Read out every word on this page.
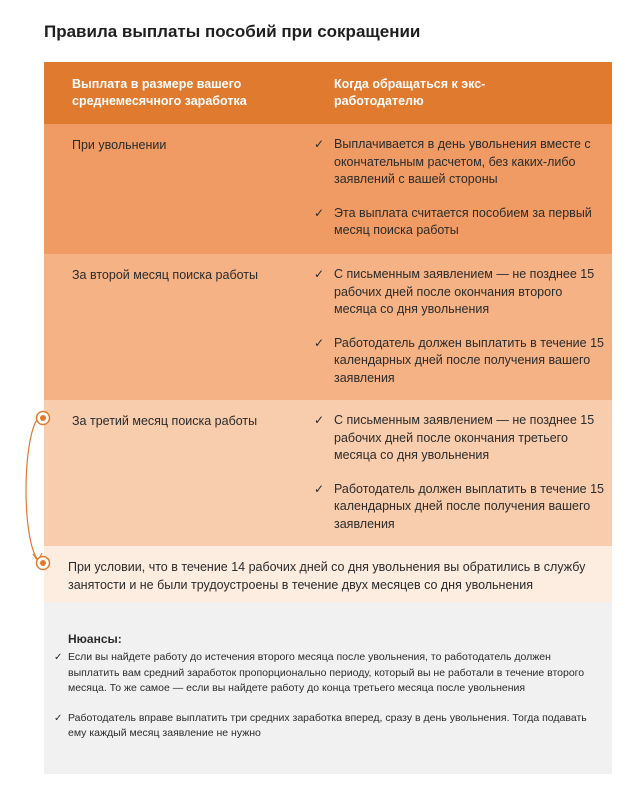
Правила выплаты пособий при сокращении
Выплата в размере вашего среднемесячного заработка
Когда обращаться к экс-работодателю
При увольнении	✓ Выплачивается в день увольнения вместе с окончательным расчетом, без каких-либо заявлений с вашей стороны
✓ Эта выплата считается пособием за первый месяц поиска работы
За второй месяц поиска работы	✓ С письменным заявлением — не позднее 15 рабочих дней после окончания второго месяца со дня увольнения
✓ Работодатель должен выплатить в течение 15 календарных дней после получения вашего заявления
За третий месяц поиска работы	✓ С письменным заявлением — не позднее 15 рабочих дней после окончания третьего месяца со дня увольнения
✓ Работодатель должен выплатить в течение 15 календарных дней после получения вашего заявления
При условии, что в течение 14 рабочих дней со дня увольнения вы обратились в службу занятости и не были трудоустроены в течение двух месяцев со дня увольнения
Нюансы:
✓ Если вы найдете работу до истечения второго месяца после увольнения, то работодатель должен выплатить вам средний заработок пропорционально периоду, который вы не работали в течение второго месяца. То же самое — если вы найдете работу до конца третьего месяца после увольнения
✓ Работодатель вправе выплатить три средних заработка вперед, сразу в день увольнения. Тогда подавать ему каждый месяц заявление не нужно
